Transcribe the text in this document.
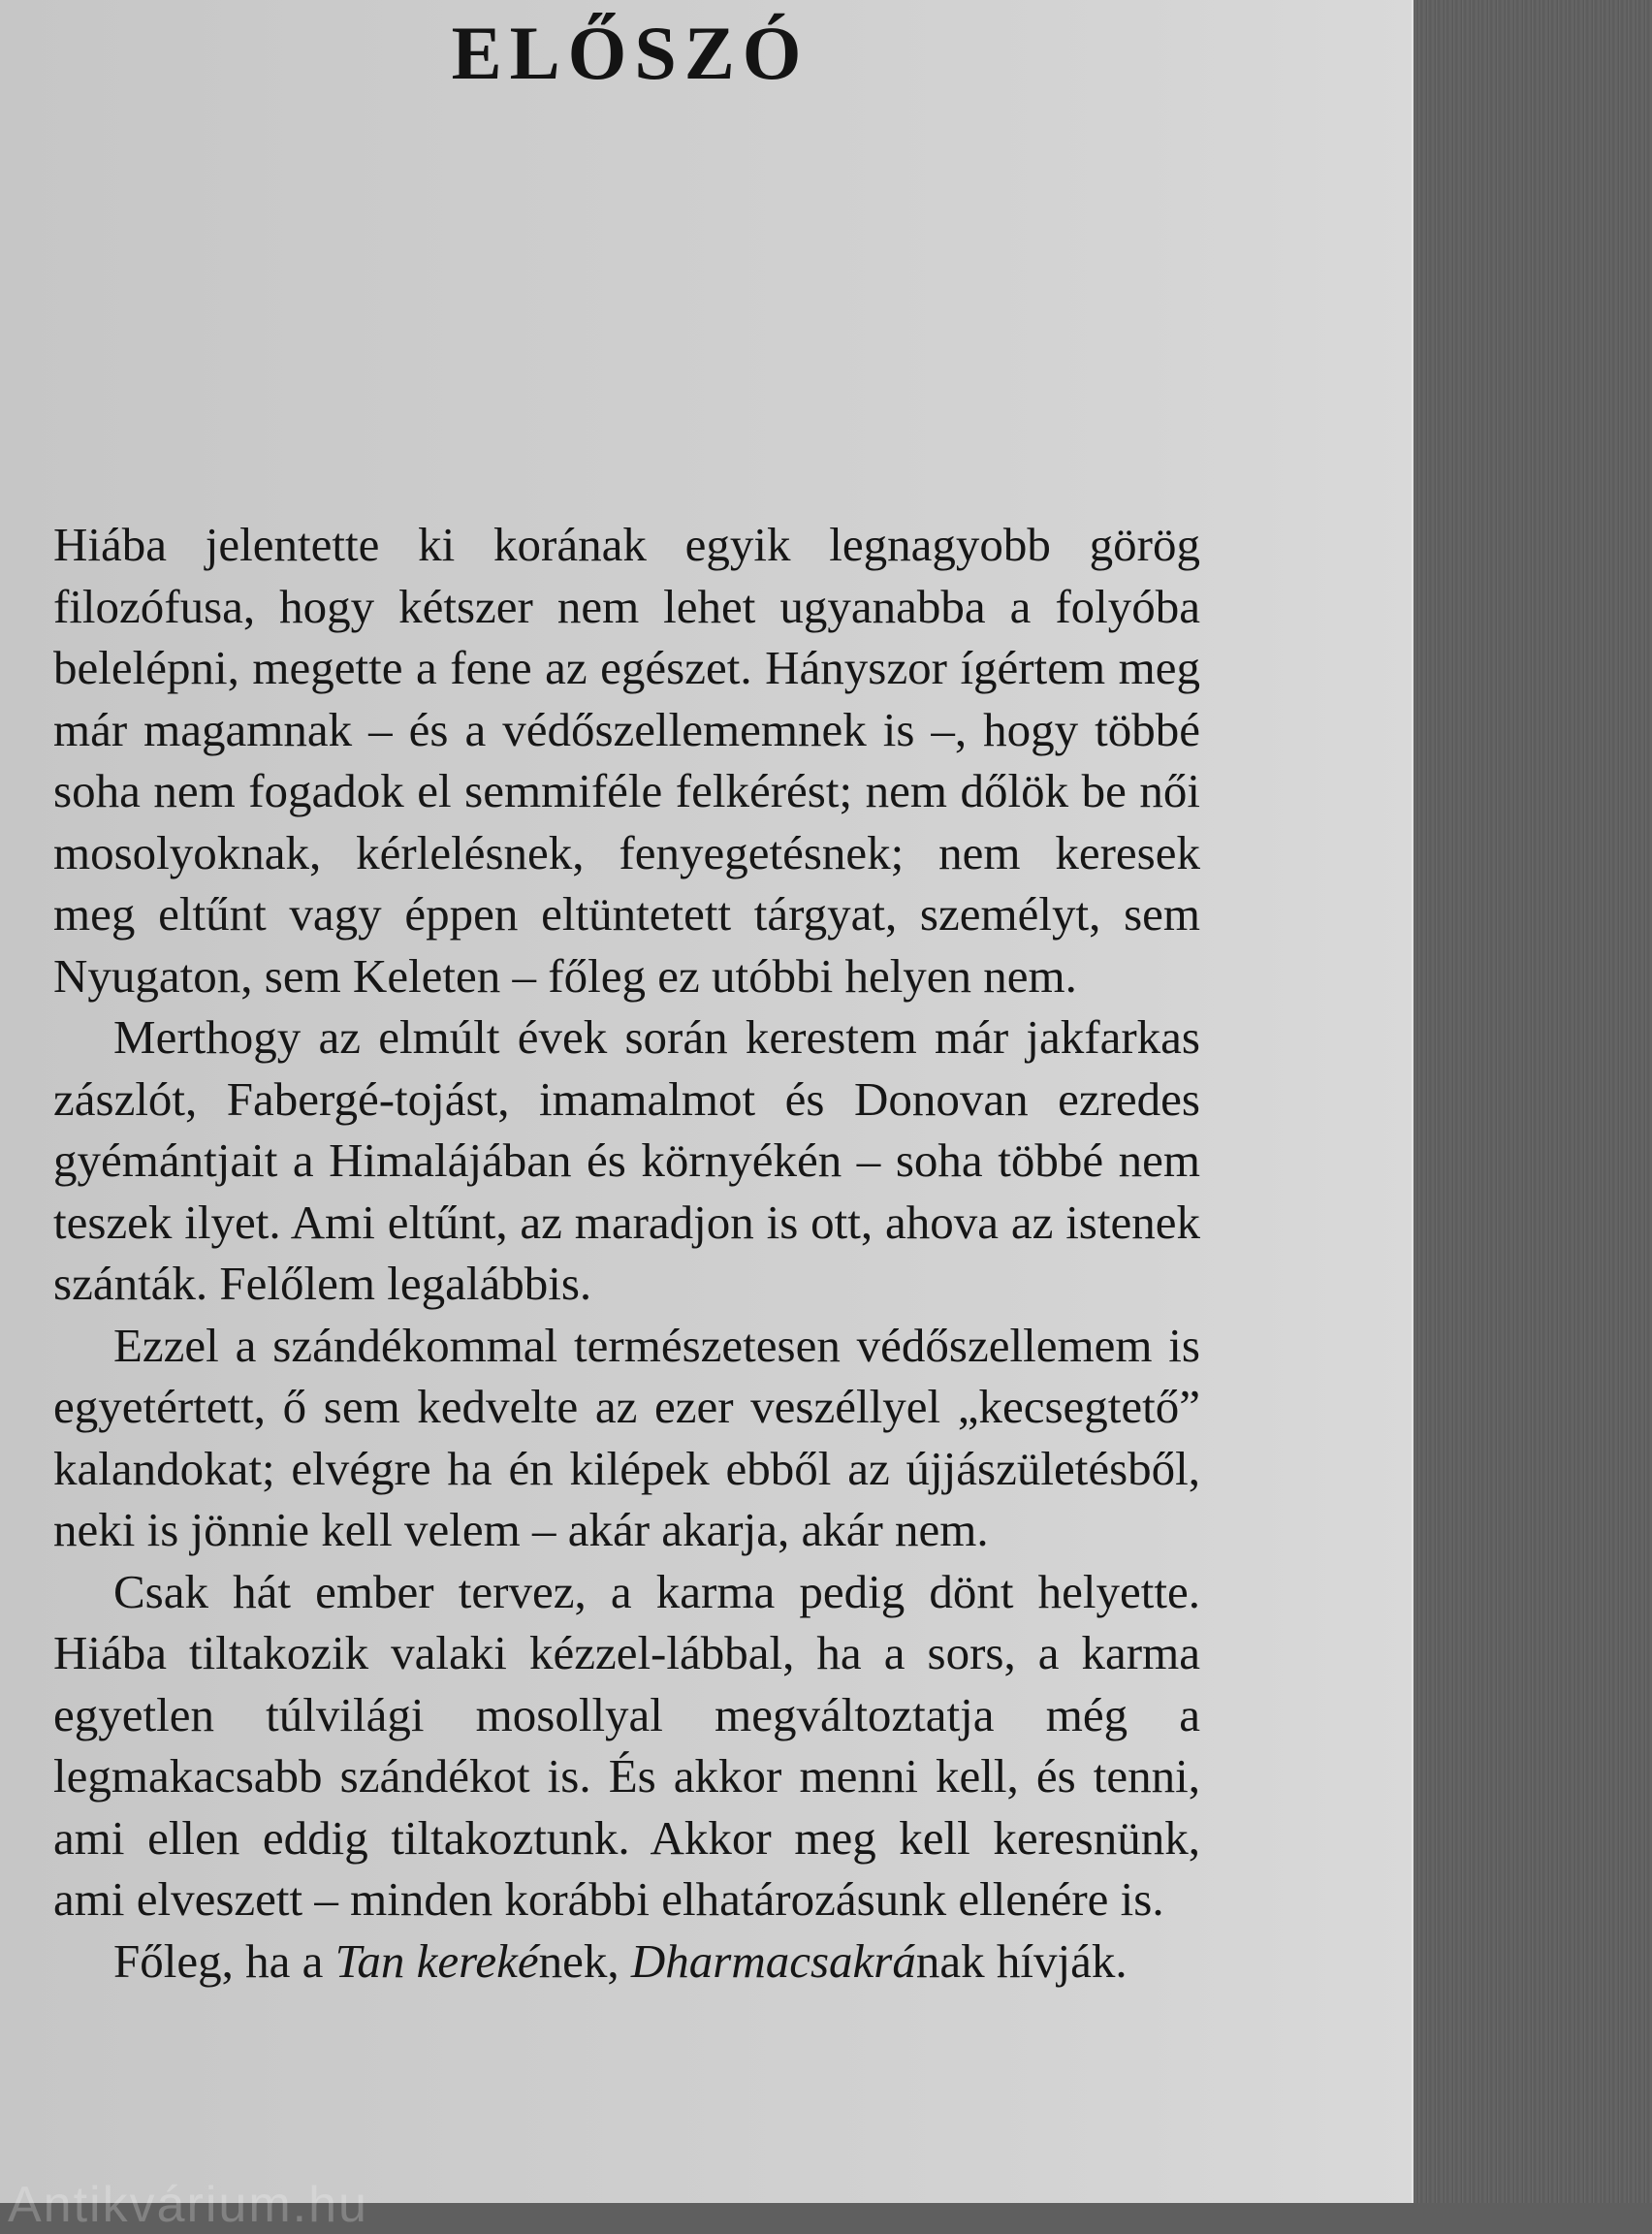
ELŐSZÓ

Hiába jelentette ki korának egyik legnagyobb görög filozófusa, hogy kétszer nem lehet ugyanabba a folyóba belelépni, megette a fene az egészet. Hányszor ígértem meg már magamnak – és a védőszellememnek is –, hogy többé soha nem fogadok el semmiféle felkérést; nem dőlök be női mosolyoknak, kérlelésnek, fenyegetésnek; nem keresek meg eltűnt vagy éppen eltüntetett tárgyat, személyt, sem Nyugaton, sem Keleten – főleg ez utóbbi helyen nem.

Merthogy az elmúlt évek során kerestem már jakfarkas zászlót, Fabergé-tojást, imamalmot és Donovan ezredes gyémántjait a Himalájában és környékén – soha többé nem teszek ilyet. Ami eltűnt, az maradjon is ott, ahova az istenek szánták. Felőlem legalábbis.

Ezzel a szándékommal természetesen védőszellemem is egyetértett, ő sem kedvelte az ezer veszéllyel „kecsegtető” kalandokat; elvégre ha én kilépek ebből az újjászületésből, neki is jönnie kell velem – akár akarja, akár nem.

Csak hát ember tervez, a karma pedig dönt helyette. Hiába tiltakozik valaki kézzel-lábbal, ha a sors, a karma egyetlen túlvilági mosollyal megváltoztatja még a legmakacsabb szándékot is. És akkor menni kell, és tenni, ami ellen eddig tiltakoztunk. Akkor meg kell keresnünk, ami elveszett – minden korábbi elhatározásunk ellenére is.

Főleg, ha a Tan kerekének, Dharmacsakrának hívják.

Antikvárium.hu
